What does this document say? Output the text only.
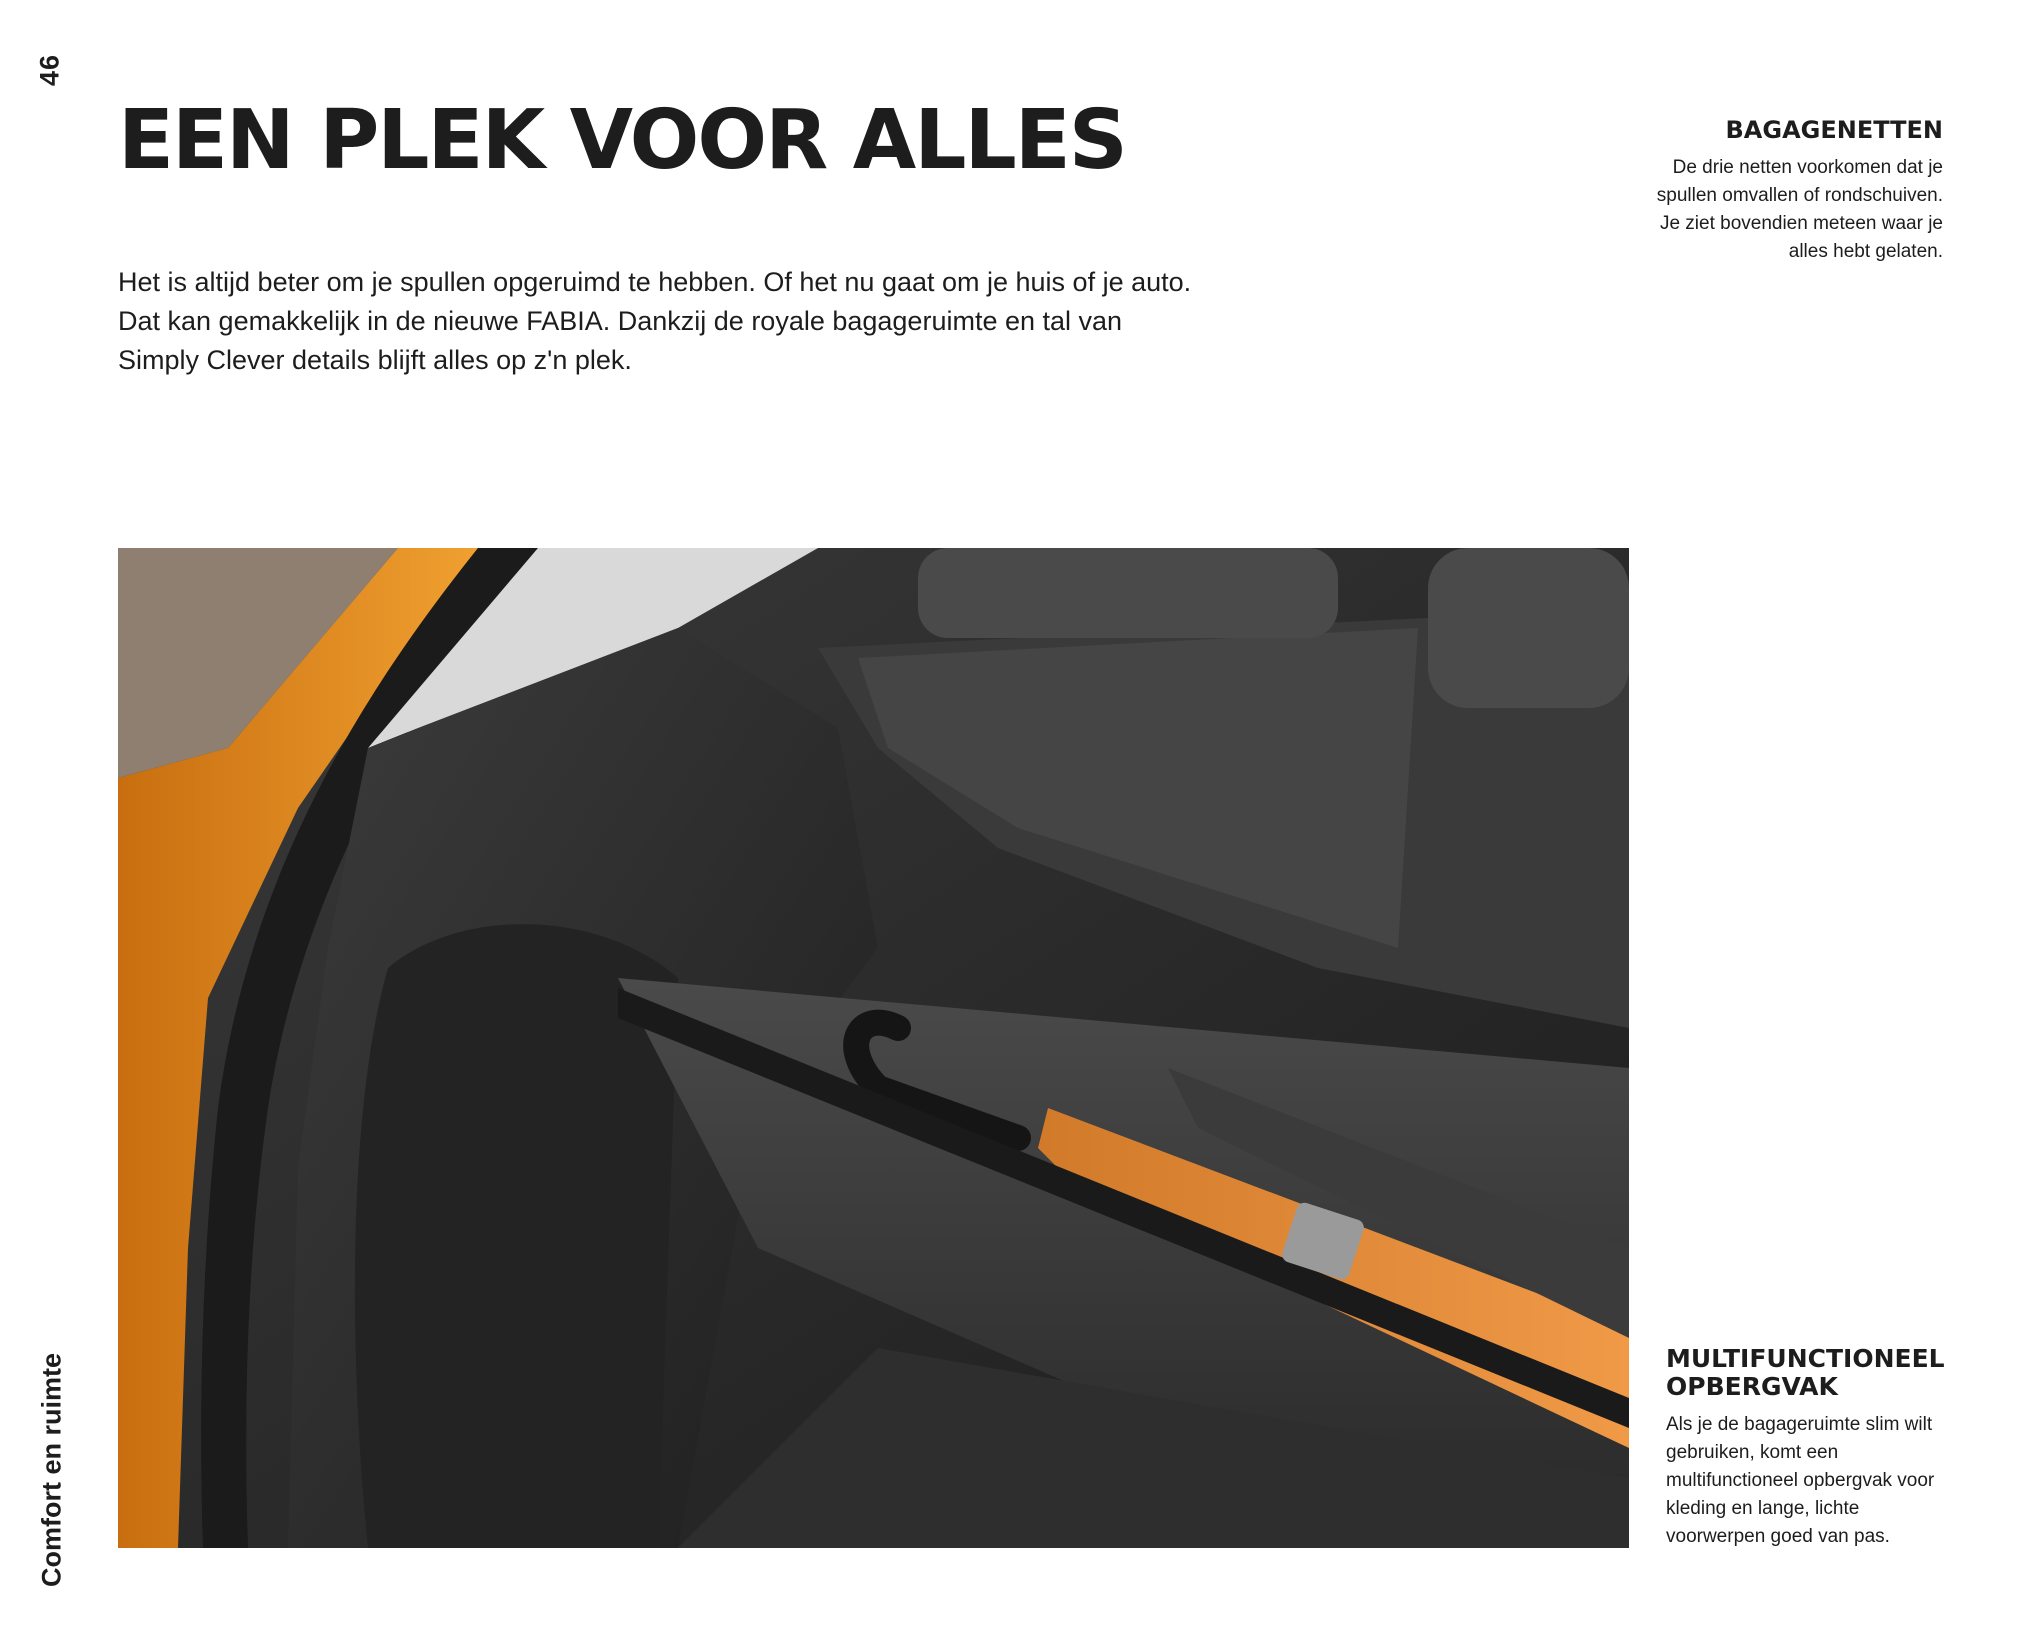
46
EEN PLEK VOOR ALLES

Het is altijd beter om je spullen opgeruimd te hebben. Of het nu gaat om je huis of je auto. Dat kan gemakkelijk in de nieuwe FABIA. Dankzij de royale bagageruimte en tal van Simply Clever details blijft alles op z'n plek.

BAGAGENETTEN

De drie netten voorkomen dat je spullen omvallen of rondschuiven. Je ziet bovendien meteen waar je alles hebt gelaten.

MULTIFUNCTIONEEL OPBERGVAK

Als je de bagageruimte slim wilt gebruiken, komt een multifunctioneel opbergvak voor kleding en lange, lichte voorwerpen goed van pas.

Comfort en ruimte
